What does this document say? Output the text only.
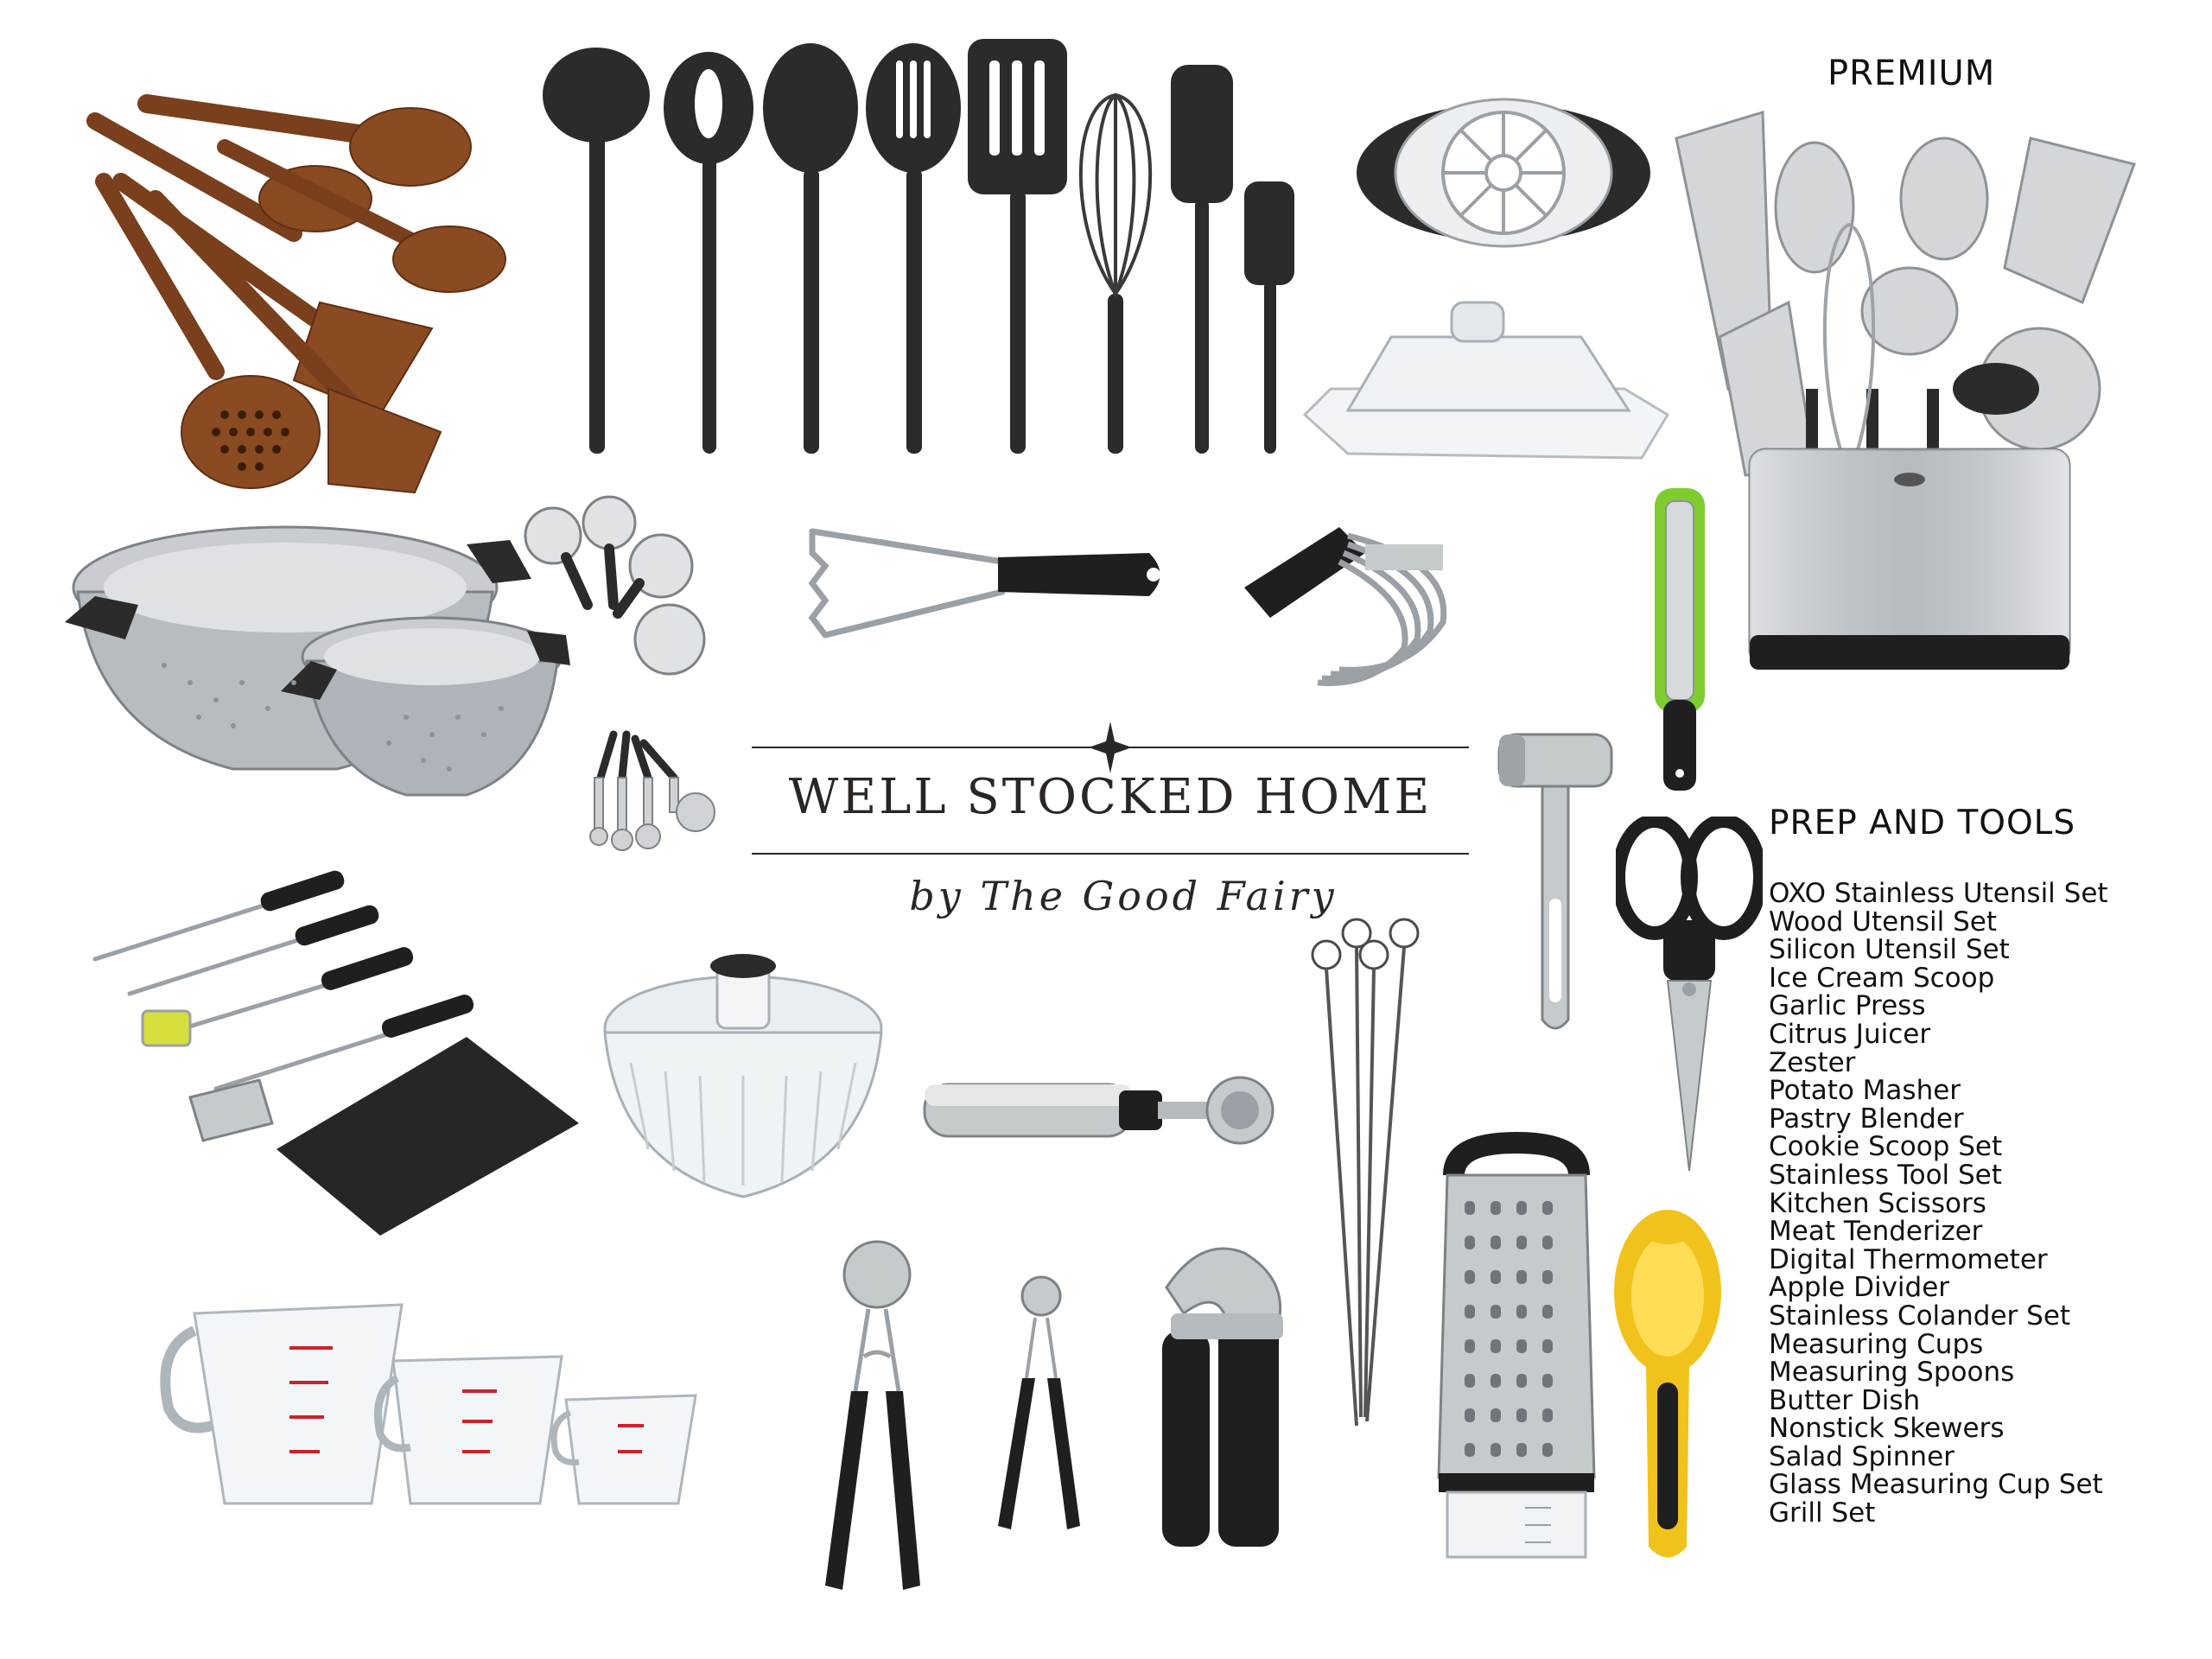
PREMIUM
WELL STOCKED HOME
by The Good Fairy
PREP AND TOOLS
OXO Stainless Utensil Set
Wood Utensil Set
Silicon Utensil Set
Ice Cream Scoop
Garlic Press
Citrus Juicer
Zester
Potato Masher
Pastry Blender
Cookie Scoop Set
Stainless Tool Set
Kitchen Scissors
Meat Tenderizer
Digital Thermometer
Apple Divider
Stainless Colander Set
Measuring Cups
Measuring Spoons
Butter Dish
Nonstick Skewers
Salad Spinner
Glass Measuring Cup Set
Grill Set
